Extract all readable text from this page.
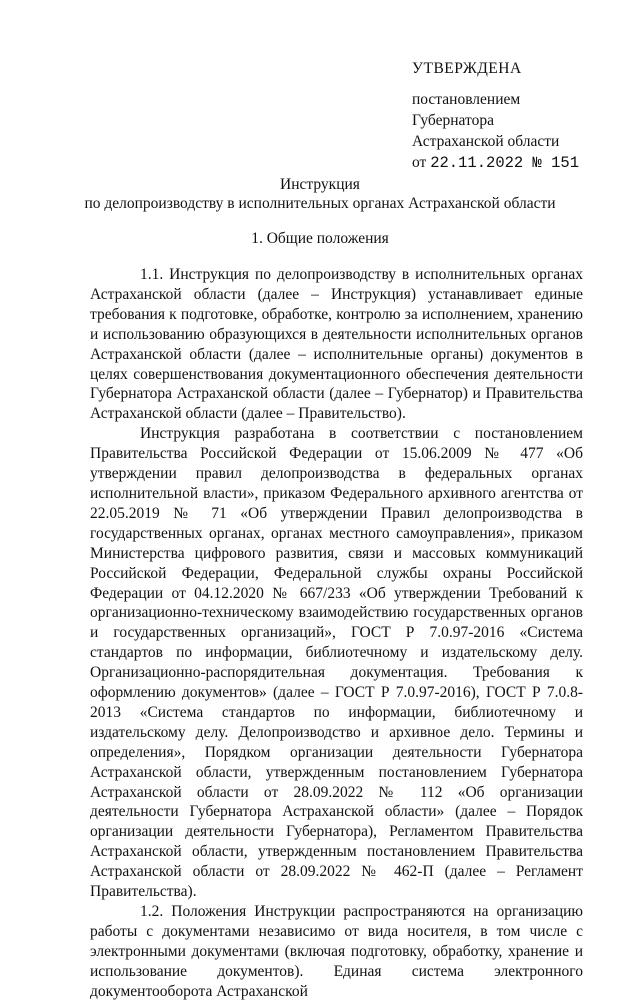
УТВЕРЖДЕНА
постановлением
Губернатора
Астраханской области
от 22.11.2022 № 151
Инструкция
по делопроизводству в исполнительных органах Астраханской области
1. Общие положения

1.1. Инструкция по делопроизводству в исполнительных органах Астраханской области (далее – Инструкция) устанавливает единые требования к подготовке, обработке, контролю за исполнением, хранению и использованию образующихся в деятельности исполнительных органов Астраханской области (далее – исполнительные органы) документов в целях совершенствования документационного обеспечения деятельности Губернатора Астраханской области (далее – Губернатор) и Правительства Астраханской области (далее – Правительство).

Инструкция разработана в соответствии с постановлением Правительства Российской Федерации от 15.06.2009 № 477 «Об утверждении правил делопроизводства в федеральных органах исполнительной власти», приказом Федерального архивного агентства от 22.05.2019 № 71 «Об утверждении Правил делопроизводства в государственных органах, органах местного самоуправления», приказом Министерства цифрового развития, связи и массовых коммуникаций Российской Федерации, Федеральной службы охраны Российской Федерации от 04.12.2020 № 667/233 «Об утверждении Требований к организационно-техническому взаимодействию государственных органов и государственных организаций», ГОСТ Р 7.0.97-2016 «Система стандартов по информации, библиотечному и издательскому делу. Организационно-распорядительная документация. Требования к оформлению документов» (далее – ГОСТ Р 7.0.97-2016), ГОСТ Р 7.0.8-2013 «Система стандартов по информации, библиотечному и издательскому делу. Делопроизводство и архивное дело. Термины и определения», Порядком организации деятельности Губернатора Астраханской области, утвержденным постановлением Губернатора Астраханской области от 28.09.2022 № 112 «Об организации деятельности Губернатора Астраханской области» (далее – Порядок организации деятельности Губернатора), Регламентом Правительства Астраханской области, утвержденным постановлением Правительства Астраханской области от 28.09.2022 № 462-П (далее – Регламент Правительства).

1.2. Положения Инструкции распространяются на организацию работы с документами независимо от вида носителя, в том числе с электронными документами (включая подготовку, обработку, хранение и использование документов). Единая система электронного документооборота Астраханской
